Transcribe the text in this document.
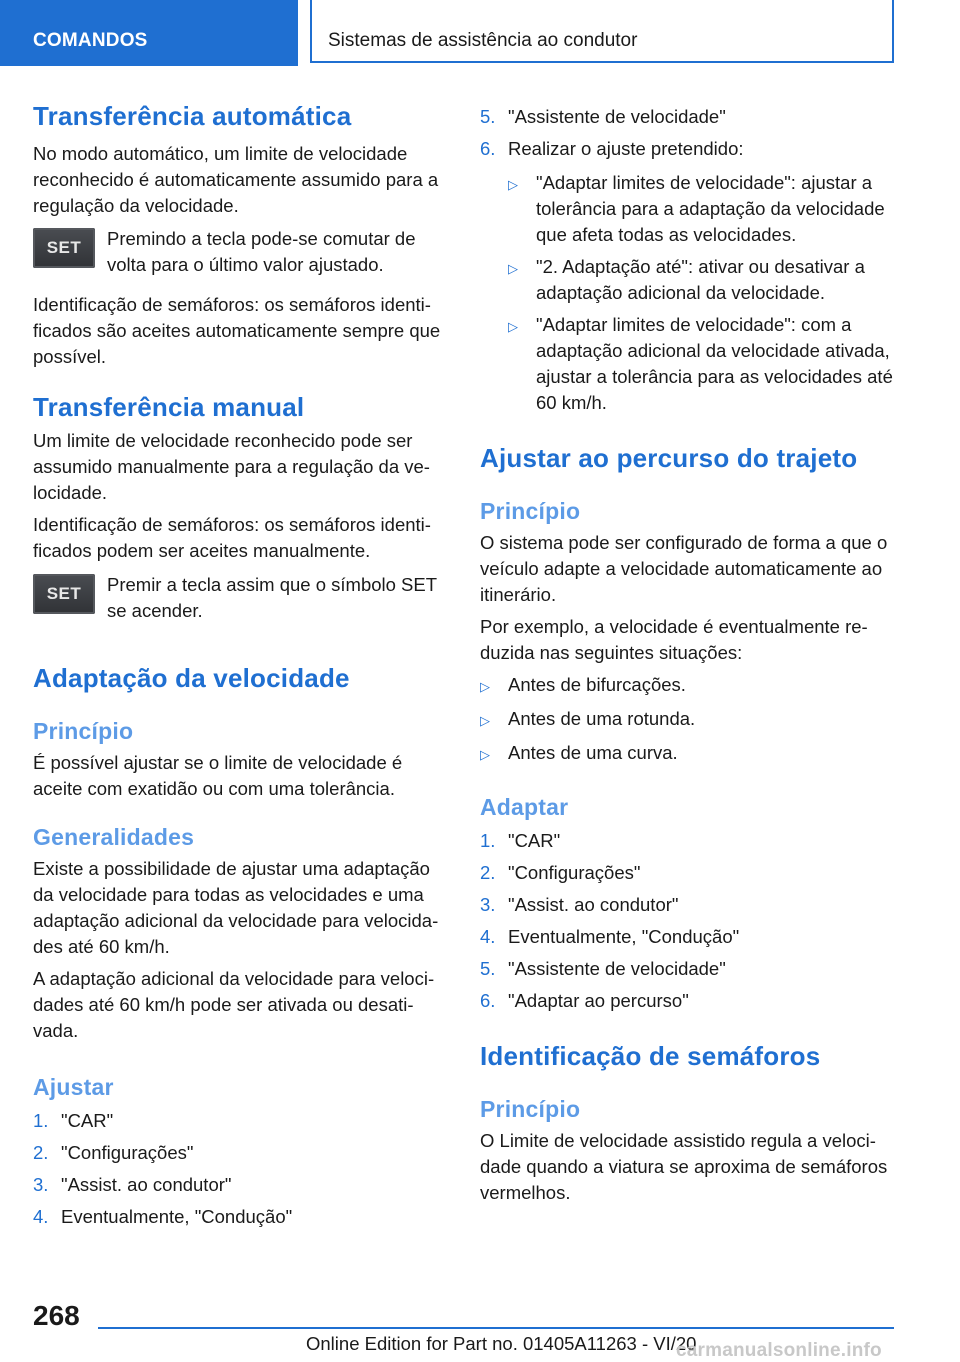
COMANDOS	Sistemas de assistência ao condutor
Transferência automática

No modo automático, um limite de velocidade reconhecido é automaticamente assumido para a regulação da velocidade.

SET Premindo a tecla pode-se comutar de volta para o último valor ajustado.

Identificação de semáforos: os semáforos identi-ficados são aceites automaticamente sempre que possível.

Transferência manual

Um limite de velocidade reconhecido pode ser assumido manualmente para a regulação da ve-locidade.

Identificação de semáforos: os semáforos identi-ficados podem ser aceites manualmente.

SET Premir a tecla assim que o símbolo SET se acender.

Adaptação da velocidade
Princípio

É possível ajustar se o limite de velocidade é aceite com exatidão ou com uma tolerância.

Generalidades

Existe a possibilidade de ajustar uma adaptação da velocidade para todas as velocidades e uma adaptação adicional da velocidade para velocida-des até 60 km/h.

A adaptação adicional da velocidade para veloci-dades até 60 km/h pode ser ativada ou desati-vada.

Ajustar
1. "CAR"
2. "Configurações"
3. "Assist. ao condutor"
4. Eventualmente, "Condução"
5. "Assistente de velocidade"
6. Realizar o ajuste pretendido:
▷ "Adaptar limites de velocidade": ajustar a tolerância para a adaptação da velocidade que afeta todas as velocidades.
▷ "2. Adaptação até": ativar ou desativar a adaptação adicional da velocidade.
▷ "Adaptar limites de velocidade": com a adaptação adicional da velocidade ativada, ajustar a tolerância para as velocidades até 60 km/h.
Ajustar ao percurso do trajeto
Princípio

O sistema pode ser configurado de forma a que o veículo adapte a velocidade automaticamente ao itinerário.

Por exemplo, a velocidade é eventualmente re-duzida nas seguintes situações:

▷ Antes de bifurcações.
▷ Antes de uma rotunda.
▷ Antes de uma curva.
Adaptar
1. "CAR"
2. "Configurações"
3. "Assist. ao condutor"
4. Eventualmente, "Condução"
5. "Assistente de velocidade"
6. "Adaptar ao percurso"
Identificação de semáforos
Princípio

O Limite de velocidade assistido regula a veloci-dade quando a viatura se aproxima de semáforos vermelhos.

268
Online Edition for Part no. 01405A11263 - VI/20
carmanualsonline.info
